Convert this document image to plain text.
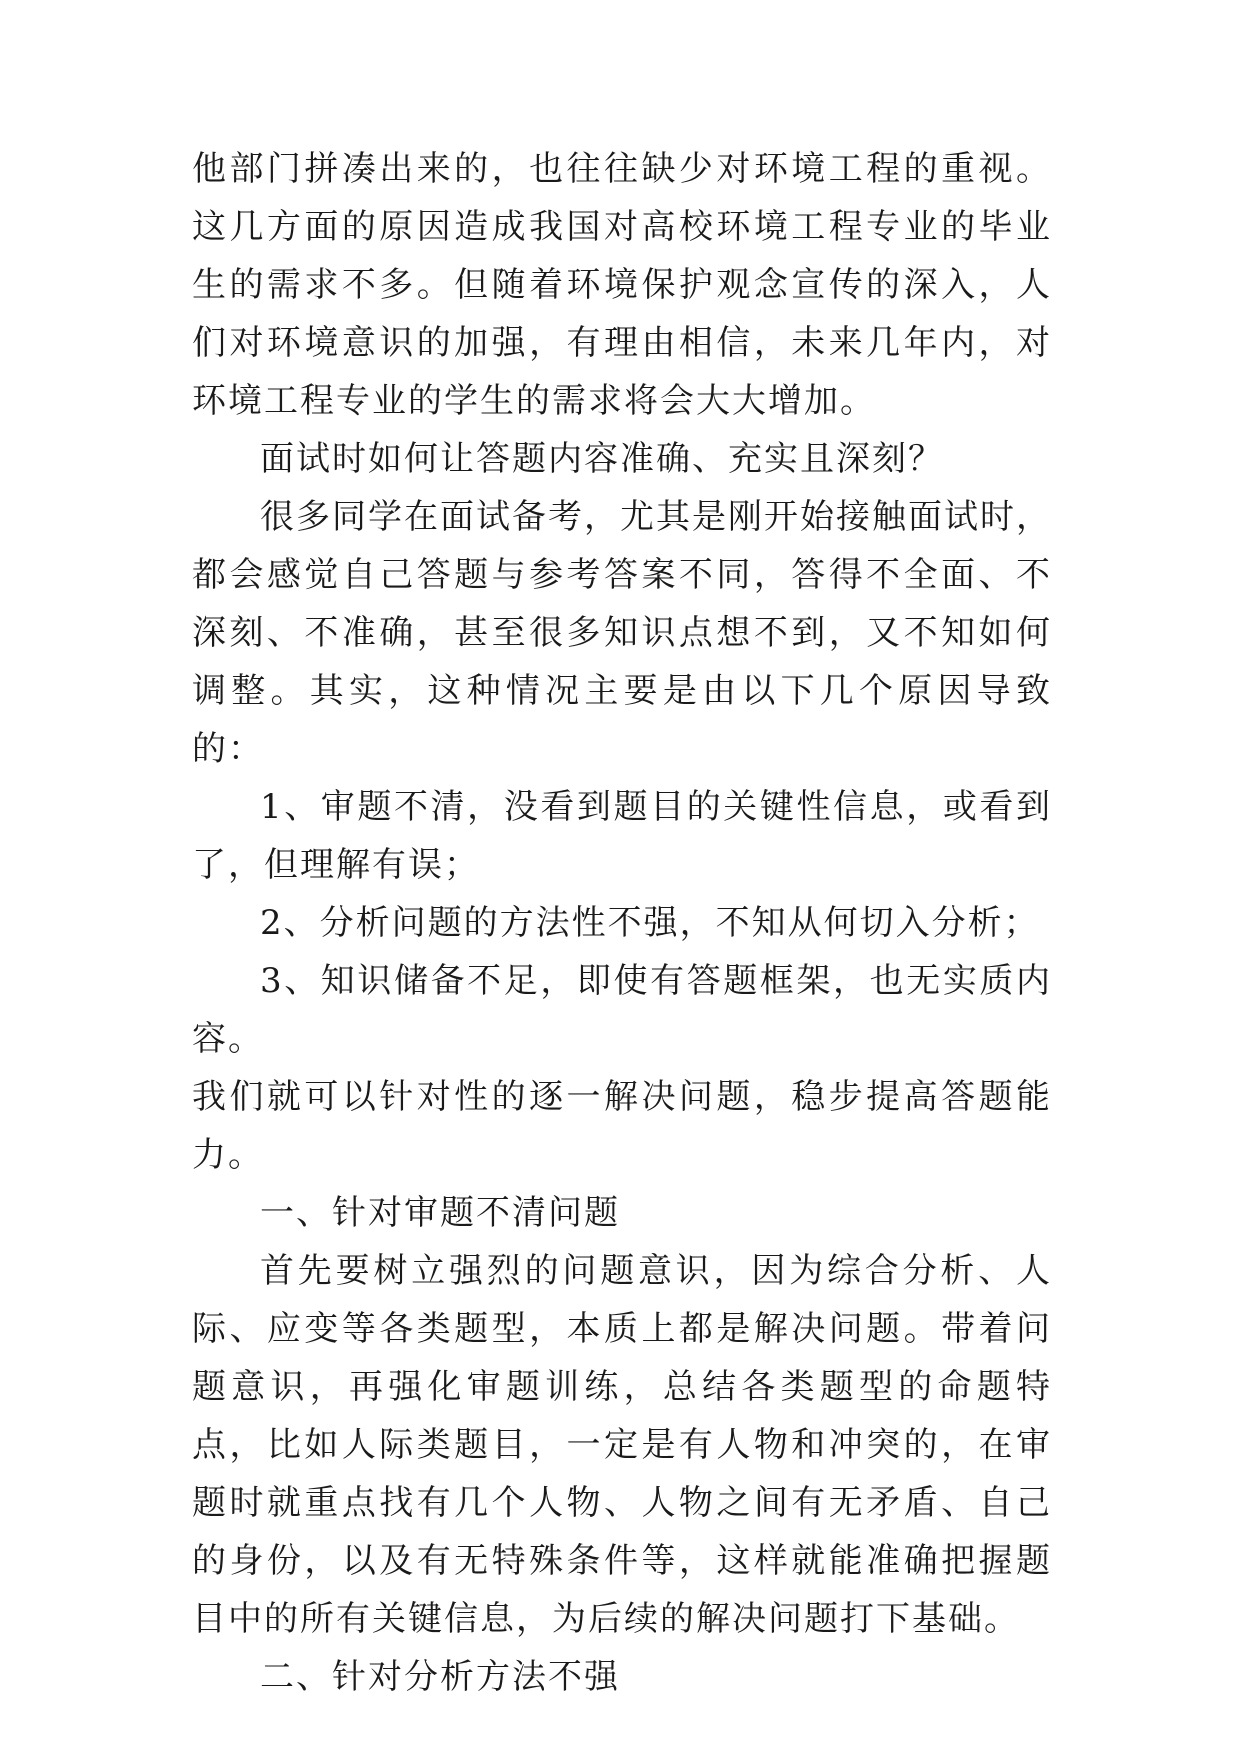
他部门拼凑出来的，也往往缺少对环境工程的重视。这几方面的原因造成我国对高校环境工程专业的毕业生的需求不多。但随着环境保护观念宣传的深入，人们对环境意识的加强，有理由相信，未来几年内，对环境工程专业的学生的需求将会大大增加。

面试时如何让答题内容准确、充实且深刻？

很多同学在面试备考，尤其是刚开始接触面试时，都会感觉自己答题与参考答案不同，答得不全面、不深刻、不准确，甚至很多知识点想不到，又不知如何调整。其实，这种情况主要是由以下几个原因导致的：

1、审题不清，没看到题目的关键性信息，或看到了，但理解有误；

2、分析问题的方法性不强，不知从何切入分析；

3、知识储备不足，即使有答题框架，也无实质内容。

我们就可以针对性的逐一解决问题，稳步提高答题能力。

一、针对审题不清问题

首先要树立强烈的问题意识，因为综合分析、人际、应变等各类题型，本质上都是解决问题。带着问题意识，再强化审题训练，总结各类题型的命题特点，比如人际类题目，一定是有人物和冲突的，在审题时就重点找有几个人物、人物之间有无矛盾、自己的身份，以及有无特殊条件等，这样就能准确把握题目中的所有关键信息，为后续的解决问题打下基础。

二、针对分析方法不强
